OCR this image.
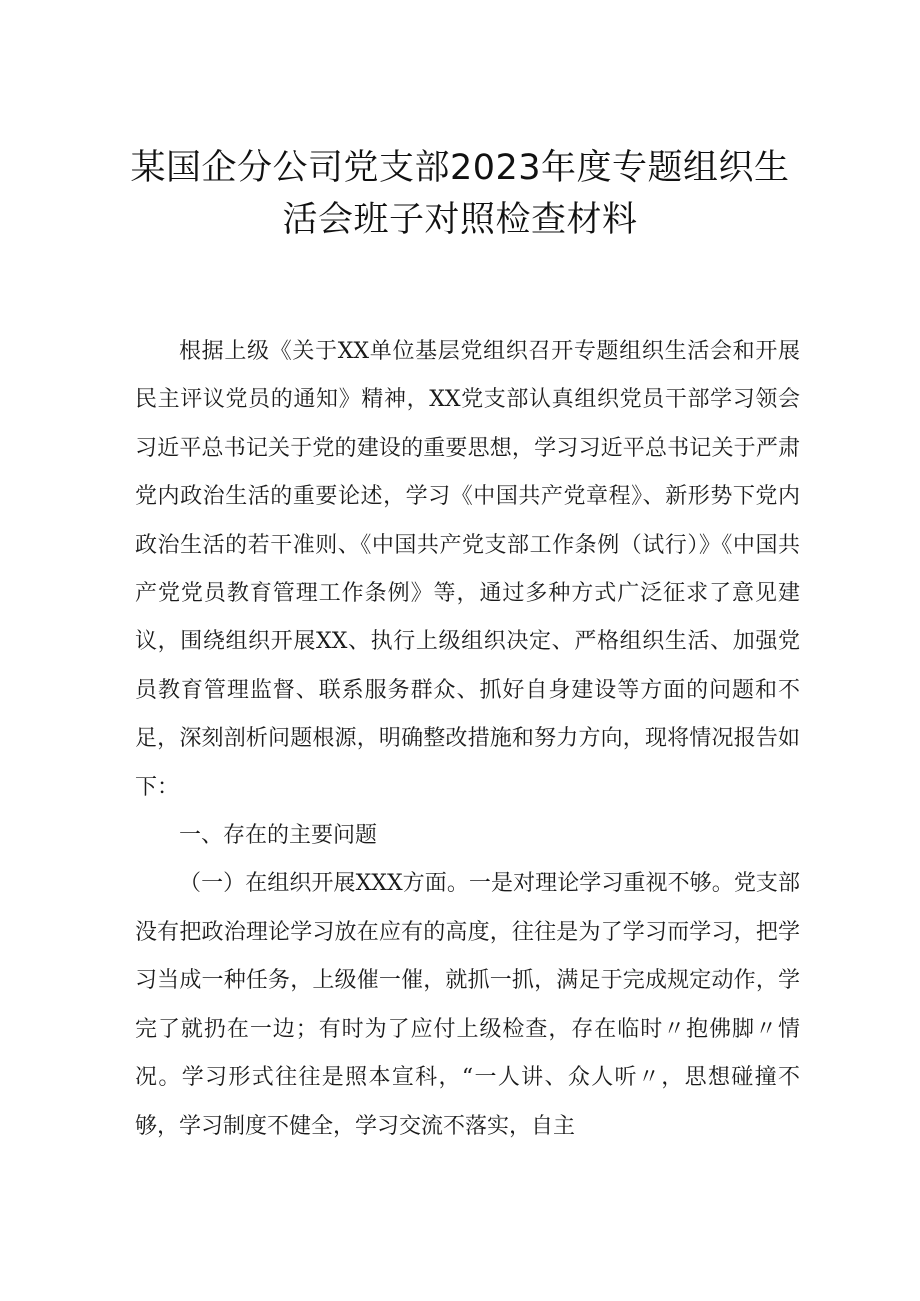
某国企分公司党支部2023年度专题组织生
活会班子对照检查材料

根据上级《关于XX单位基层党组织召开专题组织生活会和开展民主评议党员的通知》精神，XX党支部认真组织党员干部学习领会习近平总书记关于党的建设的重要思想，学习习近平总书记关于严肃党内政治生活的重要论述，学习《中国共产党章程》、新形势下党内政治生活的若干准则、《中国共产党支部工作条例（试行）》《中国共产党党员教育管理工作条例》等，通过多种方式广泛征求了意见建议，围绕组织开展XX、执行上级组织决定、严格组织生活、加强党员教育管理监督、联系服务群众、抓好自身建设等方面的问题和不足，深刻剖析问题根源，明确整改措施和努力方向，现将情况报告如下：

一、存在的主要问题

（一）在组织开展XXX方面。一是对理论学习重视不够。党支部没有把政治理论学习放在应有的高度，往往是为了学习而学习，把学习当成一种任务，上级催一催，就抓一抓，满足于完成规定动作，学完了就扔在一边；有时为了应付上级检查，存在临时〃抱佛脚〃情况。学习形式往往是照本宣科，“一人讲、众人听〃，思想碰撞不够，学习制度不健全，学习交流不落实，自主
